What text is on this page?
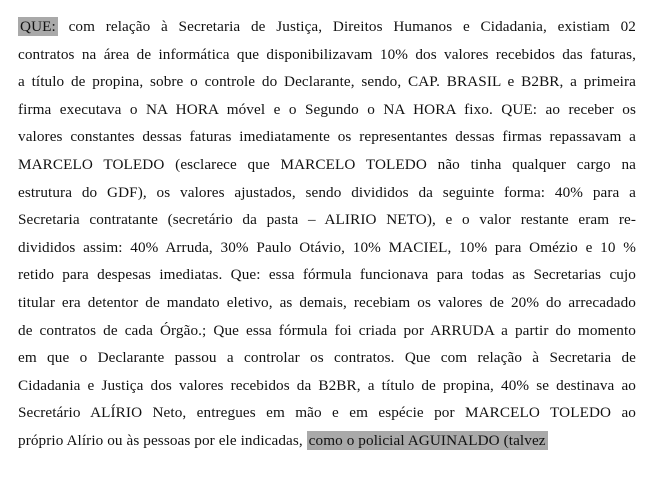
QUE: com relação à Secretaria de Justiça, Direitos Humanos e Cidadania, existiam 02
contratos na área de informática que disponibilizavam 10% dos valores recebidos das faturas,
a título de propina, sobre o controle do Declarante, sendo, CAP. BRASIL e B2BR, a primeira
firma executava o NA HORA móvel e o Segundo o NA HORA fixo. QUE: ao receber os
valores constantes dessas faturas imediatamente os representantes dessas firmas repassavam a
MARCELO TOLEDO (esclarece que MARCELO TOLEDO não tinha qualquer cargo na
estrutura do GDF), os valores ajustados, sendo divididos da seguinte forma: 40% para a
Secretaria contratante (secretário da pasta – ALIRIO NETO), e o valor restante eram re-
divididos assim: 40% Arruda, 30% Paulo Otávio, 10% MACIEL, 10% para Omézio e 10 %
retido para despesas imediatas. Que: essa fórmula funcionava para todas as Secretarias cujo
titular era detentor de mandato eletivo, as demais, recebiam os valores de 20% do arrecadado
de contratos de cada Órgão.; Que essa fórmula foi criada por ARRUDA a partir do momento
em que o Declarante passou a controlar os contratos. Que com relação à Secretaria de
Cidadania e Justiça dos valores recebidos da B2BR, a título de propina, 40% se destinava ao
Secretário ALÍRIO Neto, entregues em mão e em espécie por MARCELO TOLEDO ao
próprio Alírio ou às pessoas por ele indicadas, como o policial AGUINALDO (talvez
